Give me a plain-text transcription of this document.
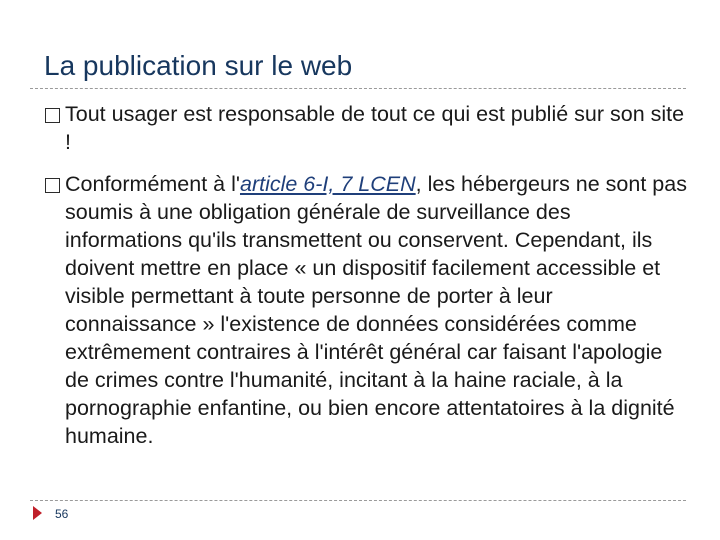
La publication sur le web
Tout usager est responsable de tout ce qui est publié sur son site !
Conformément à l'article 6-I, 7 LCEN, les hébergeurs ne sont pas soumis à une obligation générale de surveillance des informations qu'ils transmettent ou conservent. Cependant, ils doivent mettre en place « un dispositif facilement accessible et visible permettant à toute personne de porter à leur connaissance » l'existence de données considérées comme extrêmement contraires à l'intérêt général car faisant l'apologie de crimes contre l'humanité, incitant à la haine raciale, à la pornographie enfantine, ou bien encore attentatoires à la dignité humaine.
56
